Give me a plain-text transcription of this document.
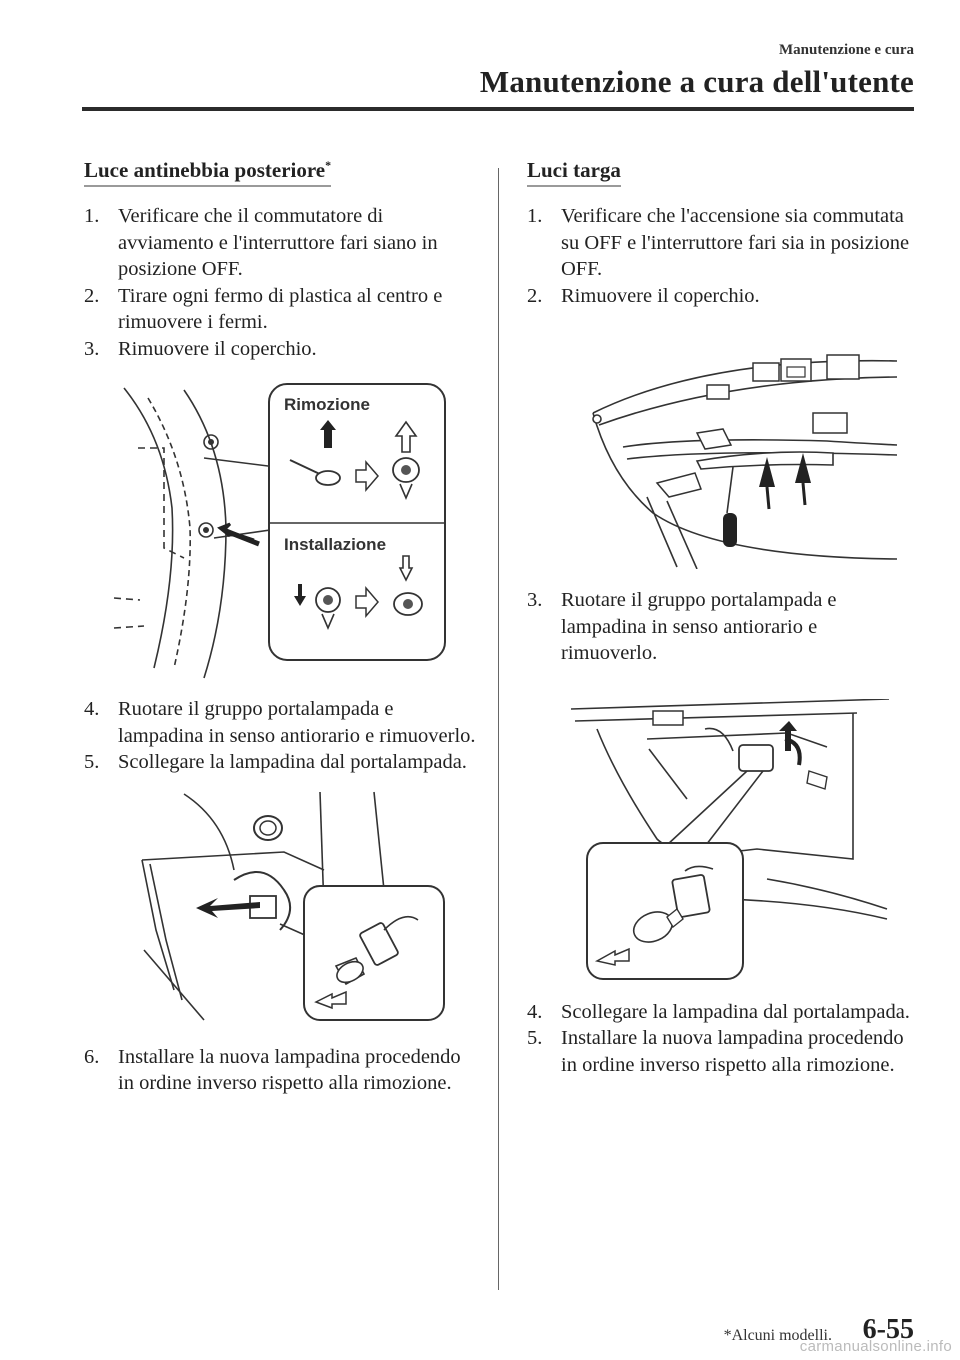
Manutenzione e cura
Manutenzione a cura dell'utente
Luce antinebbia posteriore*
1. Verificare che il commutatore di avviamento e l'interruttore fari siano in posizione OFF.
2. Tirare ogni fermo di plastica al centro e rimuovere i fermi.
3. Rimuovere il coperchio.
Rimozione
Installazione
4. Ruotare il gruppo portalampada e lampadina in senso antiorario e rimuoverlo.
5. Scollegare la lampadina dal portalampada.
6. Installare la nuova lampadina procedendo in ordine inverso rispetto alla rimozione.
Luci targa
1. Verificare che l'accensione sia commutata su OFF e l'interruttore fari sia in posizione OFF.
2. Rimuovere il coperchio.
3. Ruotare il gruppo portalampada e lampadina in senso antiorario e rimuoverlo.
4. Scollegare la lampadina dal portalampada.
5. Installare la nuova lampadina procedendo in ordine inverso rispetto alla rimozione.
*Alcuni modelli. 6-55
carmanualsonline.info
